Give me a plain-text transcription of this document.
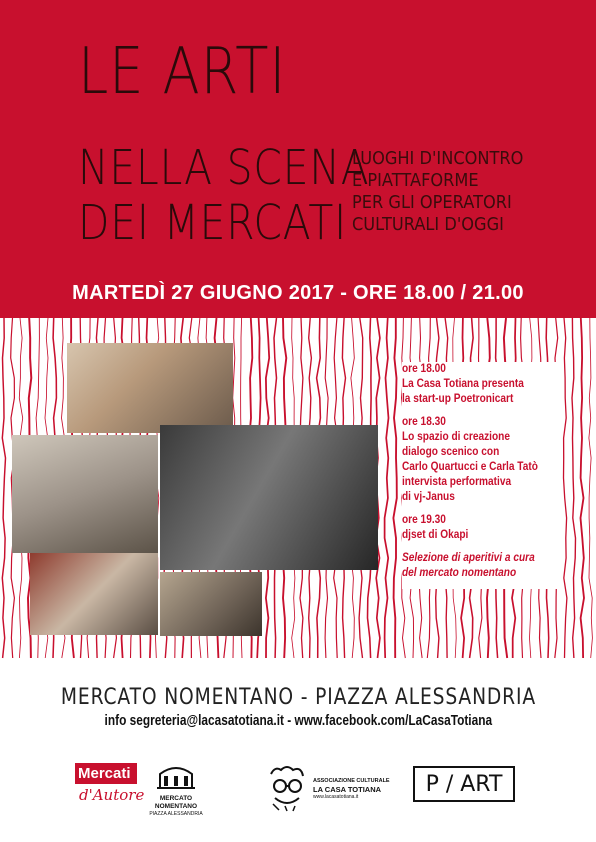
LE ARTI
NELLA SCENA
DEI MERCATI
LUOGHI D'INCONTRO
E PIATTAFORME
PER GLI OPERATORI
CULTURALI D'OGGI
MARTEDÌ 27 GIUGNO 2017 - ORE 18.00 / 21.00
ore 18.00
La Casa Totiana presenta
la start-up Poetronicart
ore 18.30
Lo spazio di creazione
dialogo scenico con
Carlo Quartucci e Carla Tatò
intervista performativa
di vj-Janus
ore 19.30
djset di Okapi
Selezione di aperitivi a cura
del mercato nomentano
MERCATO NOMENTANO - PIAZZA ALESSANDRIA
info segreteria@lacasatotiana.it - www.facebook.com/LaCasaTotiana
Mercati
d'Autore	MERCATO NOMENTANO
PIAZZA ALESSANDRIA
ASSOCIAZIONE CULTURALE
LA CASA TOTIANA
www.lacasatotiana.it
P / ART
